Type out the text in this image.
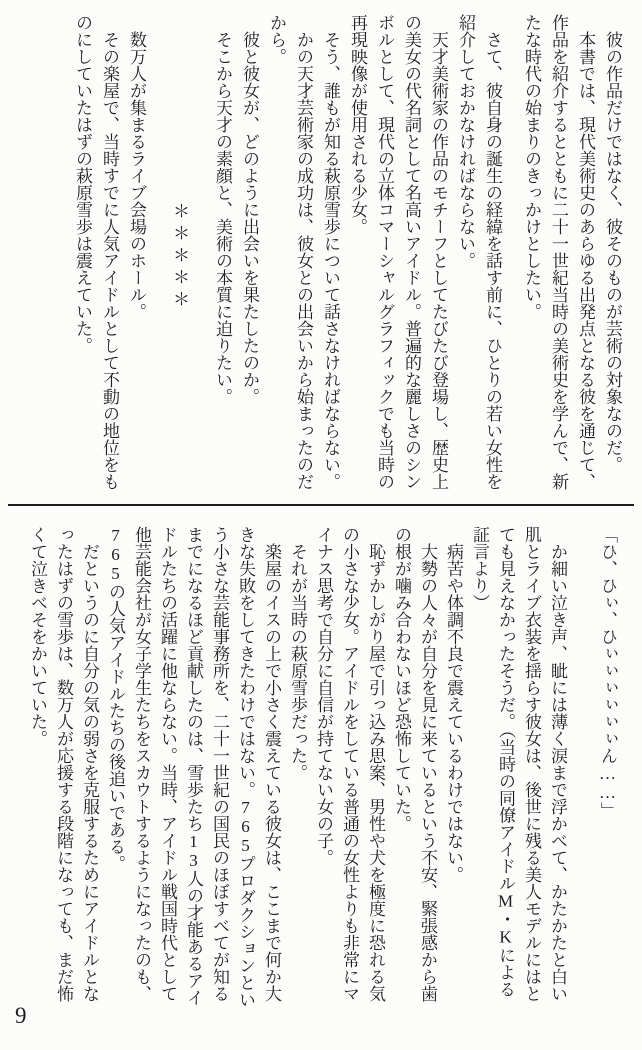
彼の作品だけではなく、彼そのものが芸術の対象なのだ。

本書では、現代美術史のあらゆる出発点となる彼を通じて、作品を紹介するとともに二十一世紀当時の美術史を学んで、新たな時代の始まりのきっかけとしたい。

さて、彼自身の誕生の経緯を話す前に、ひとりの若い女性を紹介しておかなければならない。

天才美術家の作品のモチーフとしてたびたび登場し、歴史上の美女の代名詞として名高いアイドル。普遍的な麗しさのシンボルとして、現代の立体コマーシャルグラフィックでも当時の再現映像が使用される少女。

そう、誰もが知る萩原雪歩について話さなければならない。

かの天才芸術家の成功は、彼女との出会いから始まったのだから。

彼と彼女が、どのように出会いを果たしたのか。

そこから天才の素顔と、美術の本質に迫りたい。

＊＊＊＊＊

数万人が集まるライブ会場のホール。

その楽屋で、当時すでに人気アイドルとして不動の地位をものにしていたはずの萩原雪歩は震えていた。

「ひ、ひぃ、ひぃぃぃぃぃぃん……」

か細い泣き声、眦には薄く涙まで浮かべて、かたかたと白い肌とライブ衣装を揺らす彼女は、後世に残る美人モデルにはとても見えなかったそうだ。（当時の同僚アイドルM・Kによる証言より）

病苦や体調不良で震えているわけではない。

大勢の人々が自分を見に来ているという不安、緊張感から歯の根が噛み合わないほど恐怖していた。

恥ずかしがり屋で引っ込み思案、男性や犬を極度に恐れる気の小さな少女。アイドルをしている普通の女性よりも非常にマイナス思考で自分に自信が持てない女の子。

それが当時の萩原雪歩だった。

楽屋のイスの上で小さく震えている彼女は、ここまで何か大きな失敗をしてきたわけではない。765プロダクションという小さな芸能事務所を、二十一世紀の国民のほぼすべてが知るまでになるほど貢献したのは、雪歩たち13人の才能あるアイドルたちの活躍に他ならない。当時、アイドル戦国時代として他芸能会社が女子学生たちをスカウトするようになったのも、765の人気アイドルたちの後追いである。

だというのに自分の気の弱さを克服するためにアイドルとなったはずの雪歩は、数万人が応援する段階になっても、まだ怖くて泣きべそをかいていた。

9
